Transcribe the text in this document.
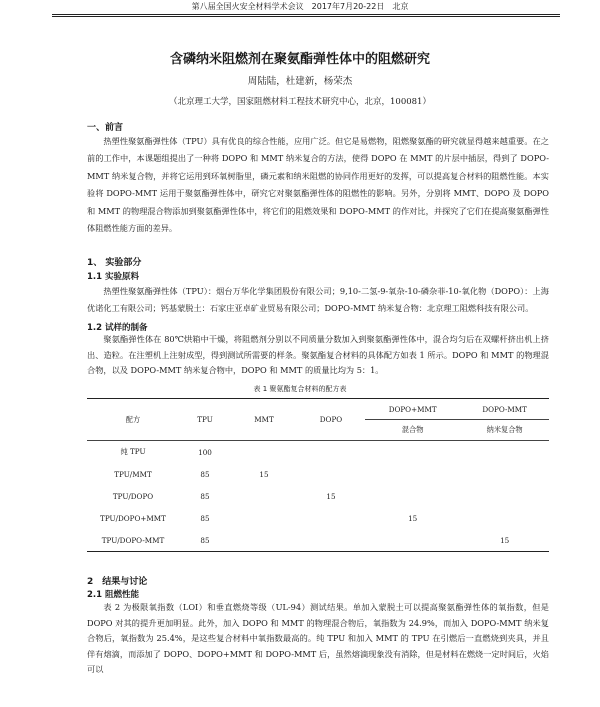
第八届全国火安全材料学术会议　2017年7月20-22日　北京
含磷纳米阻燃剂在聚氨酯弹性体中的阻燃研究
周陆陆，杜建新，杨荣杰
（北京理工大学，国家阻燃材料工程技术研究中心，北京，100081）
一、前言

热塑性聚氨酯弹性体（TPU）具有优良的综合性能，应用广泛。但它是易燃物，阻燃聚氨酯的研究就显得越来越重要。在之前的工作中，本课题组提出了一种将 DOPO 和 MMT 纳米复合的方法，使得 DOPO 在 MMT 的片层中插层，得到了 DOPO-MMT 纳米复合物，并将它运用到环氧树脂里，磷元素和纳米阻燃的协同作用更好的发挥，可以提高复合材料的阻燃性能。本实验将 DOPO-MMT 运用于聚氨酯弹性体中，研究它对聚氨酯弹性体的阻燃性的影响。另外，分别将 MMT、DOPO 及 DOPO 和 MMT 的物理混合物添加到聚氨酯弹性体中，将它们的阻燃效果和 DOPO-MMT 的作对比，并探究了它们在提高聚氨酯弹性体阻燃性能方面的差异。

1、 实验部分
1.1 实验原料

热塑性聚氨酯弹性体（TPU）：烟台万华化学集团股份有限公司；9,10-二氢-9-氧杂-10-磷杂菲-10-氧化物（DOPO）：上海优诺化工有限公司；钙基蒙脱土：石家庄亚卓矿业贸易有限公司；DOPO-MMT 纳米复合物：北京理工阻燃科技有限公司。

1.2 试样的制备

聚氨酯弹性体在 80℃烘箱中干燥，将阻燃剂分别以不同质量分数加入到聚氨酯弹性体中，混合均匀后在双螺杆挤出机上挤出、造粒。在注塑机上注射成型，得到测试所需要的样条。聚氨酯复合材料的具体配方如表 1 所示。DOPO 和 MMT 的物理混合物，以及 DOPO-MMT 纳米复合物中，DOPO 和 MMT 的质量比均为 5：1。

表 1 聚氨酯复合材料的配方表
配方	TPU	MMT	DOPO	DOPO+MMT	DOPO-MMT
				混合物	纳米复合物
纯 TPU	100				
TPU/MMT	85	15			
TPU/DOPO	85		15		
TPU/DOPO+MMT	85			15	
TPU/DOPO-MMT	85				15
2　结果与讨论
2.1 阻燃性能

表 2 为极限氧指数（LOI）和垂直燃烧等级（UL-94）测试结果。单加入蒙脱土可以提高聚氨酯弹性体的氧指数，但是 DOPO 对其的提升更加明显。此外，加入 DOPO 和 MMT 的物理混合物后，氧指数为 24.9%，而加入 DOPO-MMT 纳米复合物后，氧指数为 25.4%，是这些复合材料中氧指数最高的。纯 TPU 和加入 MMT 的 TPU 在引燃后一直燃烧到夹具，并且伴有熔滴，而添加了 DOPO、DOPO+MMT 和 DOPO-MMT 后，虽然熔滴现象没有消除，但是材料在燃烧一定时间后，火焰可以
